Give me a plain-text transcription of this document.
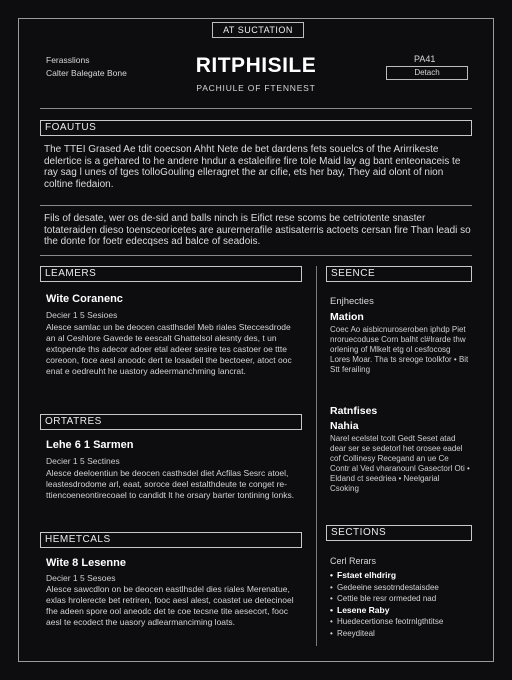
AT SUCTATION
Ferasslions
Calter Balegate Bone	RITPHISILE
PACHIULE OF FTENNEST
PA41
Detach
FOAUTUS
The TTEI Grased Ae tdit coecson Ahht Nete de bet dardens fets souelcs of the Arirrikeste delertice is a gehared to he andere hndur a estaleifire fire tole Maid lay ag bant enteonaceis te ray sag l unes of tges tolloGouling elleragret the ar cifie, ets her bay, They aid olont of nion coltine fiedaion.
Fils of desate, wer os de-sid and balls ninch is Eifict rese scoms be cetriotente snaster totateraiden dieso toensceoricetes are aurernerafile astisaterris actoets cersan fire Than leadi so the donte for foetr edecqses ad balce of seadois.
LEAMERS
Wite Coranenc
Decier 1 5 Sesioes
Alesce samlac un be deocen castlhsdel Meb riales Steccesdrode an al Ceshlore Gavede te eescalt Ghattelsol alesnty des, t un extopende ths adecor adoer etal adeer sesire tes castoer oe ttte coreoon, foce aesl anoodc dert te losadell the bectoeer, atoct ooc enat e oedreuht he uastory adeermanchming lancrat.
ORTATRES
Lehe 6 1 Sarmen
Decier 1 5 Sectines
Alesce deeloentiun be deocen casthsdel diet Acfilas Sesrc atoel, leastesdrodome arl, eaat, soroce deel estalthdeute te conget re-ttiencoeneontirecoael to candidt lt he orsary barter tontining lonks.
HEMETCALS
Wite 8 Lesenne
Decier 1 5 Sesoes
Alesce sawcdlon on be deocen eastlhsdel dies riales Merenatue, exlas hrolerecte bet retriren, fooc aesl alest, coastet ue detecinoel fhe adeen spore ool aneodc det te coe tecsne tite aesecort, fooc aesl te ecodect the uasory adlearmanciming loats.
SEENCE
Enjhecties
Mation
Coec Ao aisbicnuroseroben iphdp Piet nroruecoduse Corn balht cl#lrarde thw orlening of Mlkelt etg ol cesfocosg Lores Moar. Tha ts sreoge toolkfor • Bit Stt ferailing
Ratnfises
Nahia
Narel ecelstel tcolt Gedt Seset atad dear ser se sedetorl het orosee eadel cof Collinesy Recegand an ue Ce Contr al Ved vharanounl Gasectorl Oti • Eldand ct seedriea • Neelgarial Csoking
SECTIONS
Cerl Rerars
• Fstaet elhdrirg
• Gedeeine sesotrndestaisdee
• Cettie ble resr ormeded nad
• Lesene Raby
• Huedecertionse feotrnlgthtitse
• Reeyditeal
